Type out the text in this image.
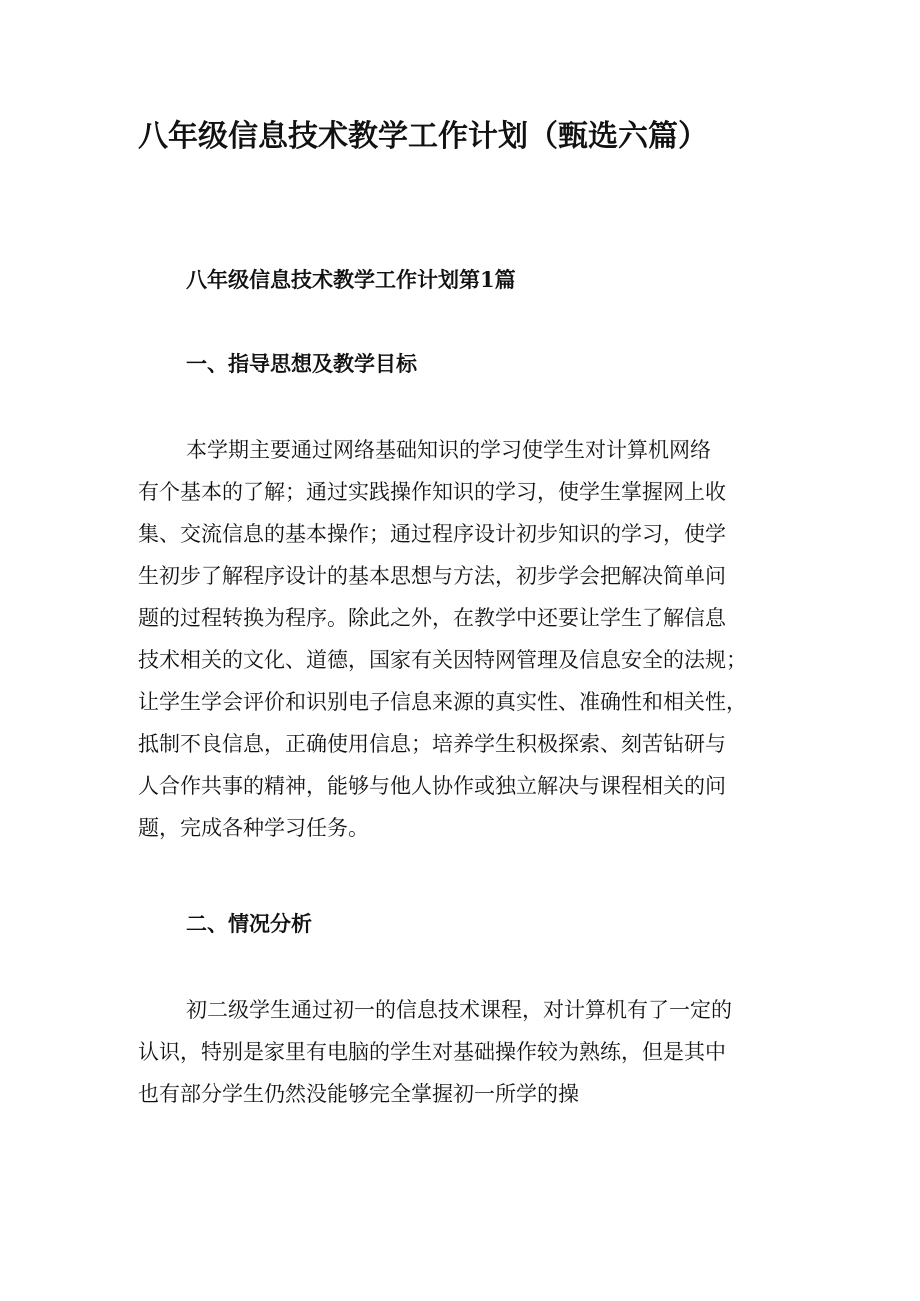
八年级信息技术教学工作计划（甄选六篇）
八年级信息技术教学工作计划第1篇
一、指导思想及教学目标
本学期主要通过网络基础知识的学习使学生对计算机网络
有个基本的了解；通过实践操作知识的学习，使学生掌握网上收
集、交流信息的基本操作；通过程序设计初步知识的学习，使学
生初步了解程序设计的基本思想与方法，初步学会把解决简单问
题的过程转换为程序。除此之外，在教学中还要让学生了解信息
技术相关的文化、道德，国家有关因特网管理及信息安全的法规；
让学生学会评价和识别电子信息来源的真实性、准确性和相关性，
抵制不良信息，正确使用信息；培养学生积极探索、刻苦钻研与
人合作共事的精神，能够与他人协作或独立解决与课程相关的问
题，完成各种学习任务。
二、情况分析
初二级学生通过初一的信息技术课程，对计算机有了一定的
认识，特别是家里有电脑的学生对基础操作较为熟练，但是其中
也有部分学生仍然没能够完全掌握初一所学的操
